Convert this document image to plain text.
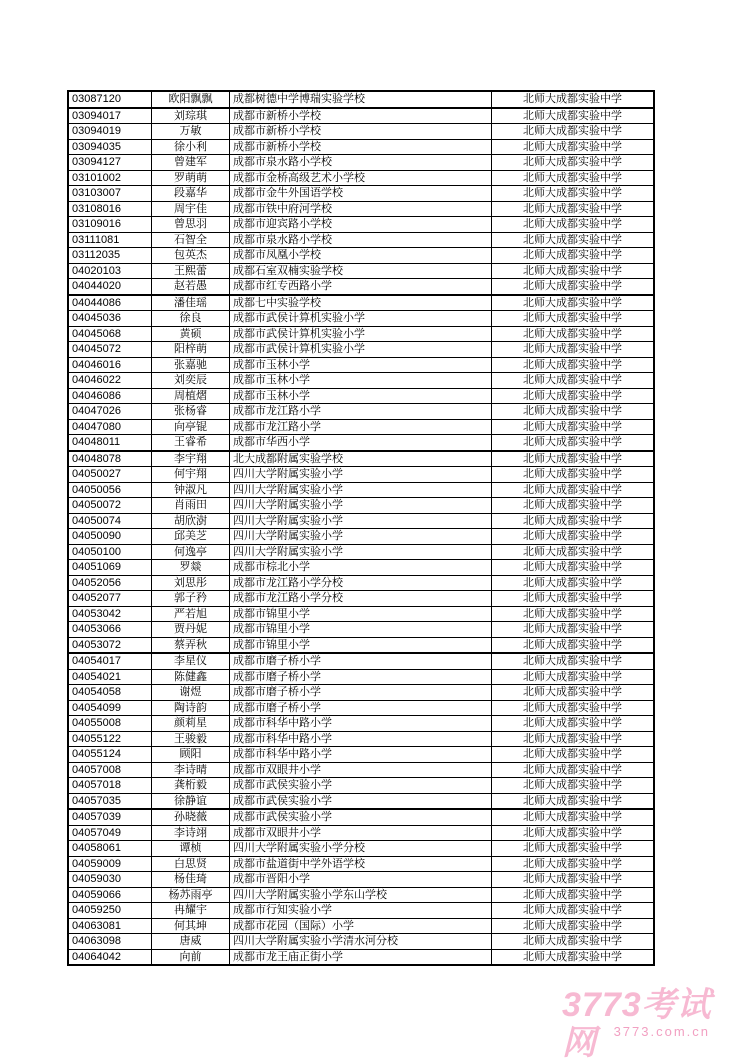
03087120	欧阳飘飘	成都树德中学博瑞实验学校	北师大成都实验中学
03094017	刘琮琪	成都市新桥小学校	北师大成都实验中学
03094019	万敏	成都市新桥小学校	北师大成都实验中学
03094035	徐小利	成都市新桥小学校	北师大成都实验中学
03094127	曾建军	成都市泉水路小学校	北师大成都实验中学
03101002	罗萌萌	成都市金桥高级艺术小学校	北师大成都实验中学
03103007	段嘉华	成都市金牛外国语学校	北师大成都实验中学
03108016	周宇佳	成都市铁中府河学校	北师大成都实验中学
03109016	曾思羽	成都市迎宾路小学校	北师大成都实验中学
03111081	石智全	成都市泉水路小学校	北师大成都实验中学
03112035	包英杰	成都市凤凰小学校	北师大成都实验中学
04020103	王熙蕾	成都石室双楠实验学校	北师大成都实验中学
04044020	赵若愚	成都市红专西路小学	北师大成都实验中学
04044086	潘佳瑶	成都七中实验学校	北师大成都实验中学
04045036	徐良	成都市武侯计算机实验小学	北师大成都实验中学
04045068	黄硕	成都市武侯计算机实验小学	北师大成都实验中学
04045072	阳梓萌	成都市武侯计算机实验小学	北师大成都实验中学
04046016	张嘉驰	成都市玉林小学	北师大成都实验中学
04046022	刘奕辰	成都市玉林小学	北师大成都实验中学
04046086	周植熠	成都市玉林小学	北师大成都实验中学
04047026	张杨睿	成都市龙江路小学	北师大成都实验中学
04047080	向亭锟	成都市龙江路小学	北师大成都实验中学
04048011	王睿希	成都市华西小学	北师大成都实验中学
04048078	李宇翔	北大成都附属实验学校	北师大成都实验中学
04050027	何宇翔	四川大学附属实验小学	北师大成都实验中学
04050056	钟淑凡	四川大学附属实验小学	北师大成都实验中学
04050072	肖雨田	四川大学附属实验小学	北师大成都实验中学
04050074	胡欣澍	四川大学附属实验小学	北师大成都实验中学
04050090	邱美芝	四川大学附属实验小学	北师大成都实验中学
04050100	何逸亭	四川大学附属实验小学	北师大成都实验中学
04051069	罗燚	成都市棕北小学	北师大成都实验中学
04052056	刘思彤	成都市龙江路小学分校	北师大成都实验中学
04052077	郭子矜	成都市龙江路小学分校	北师大成都实验中学
04053042	严若旭	成都市锦里小学	北师大成都实验中学
04053066	贾丹妮	成都市锦里小学	北师大成都实验中学
04053072	蔡弄秋	成都市锦里小学	北师大成都实验中学
04054017	李星仪	成都市磨子桥小学	北师大成都实验中学
04054021	陈健鑫	成都市磨子桥小学	北师大成都实验中学
04054058	谢煜	成都市磨子桥小学	北师大成都实验中学
04054099	陶诗韵	成都市磨子桥小学	北师大成都实验中学
04055008	颜莉星	成都市科华中路小学	北师大成都实验中学
04055122	王骏毅	成都市科华中路小学	北师大成都实验中学
04055124	顾阳	成都市科华中路小学	北师大成都实验中学
04057008	李诗晴	成都市双眼井小学	北师大成都实验中学
04057018	龚桁毅	成都市武侯实验小学	北师大成都实验中学
04057035	徐静谊	成都市武侯实验小学	北师大成都实验中学
04057039	孙晓薇	成都市武侯实验小学	北师大成都实验中学
04057049	李诗翊	成都市双眼井小学	北师大成都实验中学
04058061	谭桢	四川大学附属实验小学分校	北师大成都实验中学
04059009	白思贤	成都市盐道街中学外语学校	北师大成都实验中学
04059030	杨佳琦	成都市晋阳小学	北师大成都实验中学
04059066	杨苏雨亭	四川大学附属实验小学东山学校	北师大成都实验中学
04059250	冉耀宇	成都市行知实验小学	北师大成都实验中学
04063081	何其坤	成都市花园（国际）小学	北师大成都实验中学
04063098	唐威	四川大学附属实验小学清水河分校	北师大成都实验中学
04064042	向前	成都市龙王庙正街小学	北师大成都实验中学
3773考试网	3773.com.cn
